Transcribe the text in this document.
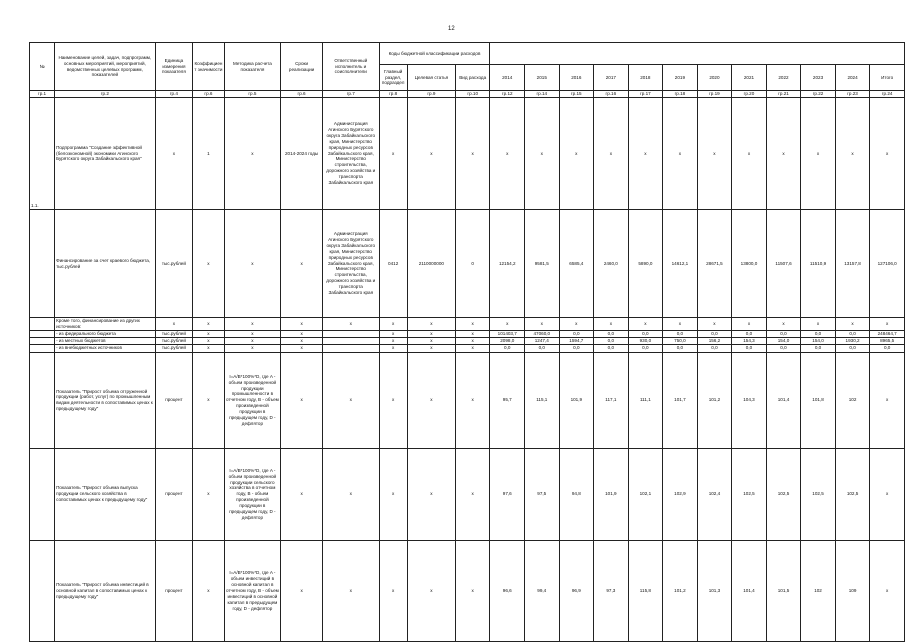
12
№	Наименование целей, задач, подпрограмм, основных мероприятий, мероприятий, ведомственных целевых программ, показателей	Единица измерения показателя	Коэффициент значимости	Методика расчета показателя	Сроки реализации	Ответственный исполнитель и соисполнители	Коды бюджетной классификации расходов														
							Главный раздел, подраздел	Целевая статья	Вид расхода	2014	2015	2016	2017	2018	2019	2020	2021	2022	2023	2024	Итого
гр.1	гр.2	гр.4	гр.6	гр.5	гр.6	гр.7	гр.8	гр.9	гр.10	гр.12	гр.14	гр.15	гр.16	гр.17	гр.18	гр.19	гр.20	гр.21	гр.22	гр.23	гр.24
1.1.	Подпрограмма "Создание эффективной (белоэкономной) экономики Агинского Бурятского округа Забайкальского края"	х	1	х	2014-2024 годы	Администрация Агинского Бурятского округа Забайкальского края, Министерство природных ресурсов Забайкальского края, Министерство строительства, дорожного хозяйства и транспорта Забайкальского края	х	х	х	х	х	х	х	х	х	х	х	х	х	х	х
	Финансирование за счет краевого бюджета, тыс.рублей	тыс.рублей	х	х	х	Администрация Агинского Бурятского округа Забайкальского края, Министерство природных ресурсов Забайкальского края, Министерство строительства, дорожного хозяйства и транспорта Забайкальского края	0412	2110000000	0	12154,2	9581,5	6585,4	2460,0	5890,0	14612,1	28671,5	13800,0	11507,6	11510,9	13157,8	127106,0
	Кроме того, финансирование из других источников:	х	х	х	х	х	х	х	х	х	х	х	х	х	х	х	х	х	х	х	х
	- из федерального бюджета	тыс.рублей	х	х	х		х	х	х	101403,7	47060,0	0,0	0,0	0,0	0,0	0,0	0,0	0,0	0,0	0,0	248464,7
	- из местных бюджетов	тыс.рублей	х	х	х		х	х	х	2098,0	1247,4	1594,7	0,0	930,0	750,0	156,2	154,3	154,0	154,0	1930,2	8965,5
	- из внебюджетных источников	тыс.рублей	х	х	х		х	х	х	0,0	0,0	0,0	0,0	0,0	0,0	0,0	0,0	0,0	0,0	0,0	0,0
	Показатель "Прирост объема отгруженной продукции (работ, услуг) по промышленным видам деятельности в сопоставимых ценах к предыдущему году"	процент	х	I=A/B*100%*D, где A - объем произведенной продукции промышленности в отчетном году, B - объем произведенной продукции в предыдущем году, D - дефлятор	х	х	х	х	х	95,7	115,1	101,9	117,1	111,1	101,7	101,2	104,3	101,4	101,8	102	х
	Показатель "Прирост объема выпуска продукции сельского хозяйства в сопоставимых ценах к предыдущему году"	процент	х	I=A/B*100%*D, где A - объем произведенной продукции сельского хозяйства в отчетном году, B - объем произведенной продукции в предыдущем году, D - дефлятор	х	х	х	х	х	97,6	97,5	94,8	101,9	102,1	102,9	102,4	102,5	102,5	102,5	102,5	х
	Показатель "Прирост объема инвестиций в основной капитал в сопоставимых ценах к предыдущему году"	процент	х	I=A/B*100%*D, где A - объем инвестиций в основной капитал в отчетном году, B - объем инвестиций в основной капитал в предыдущем году, D - дефлятор	х	х	х	х	х	96,6	99,4	96,9	97,3	115,8	101,2	101,3	101,4	101,5	102	109	х
